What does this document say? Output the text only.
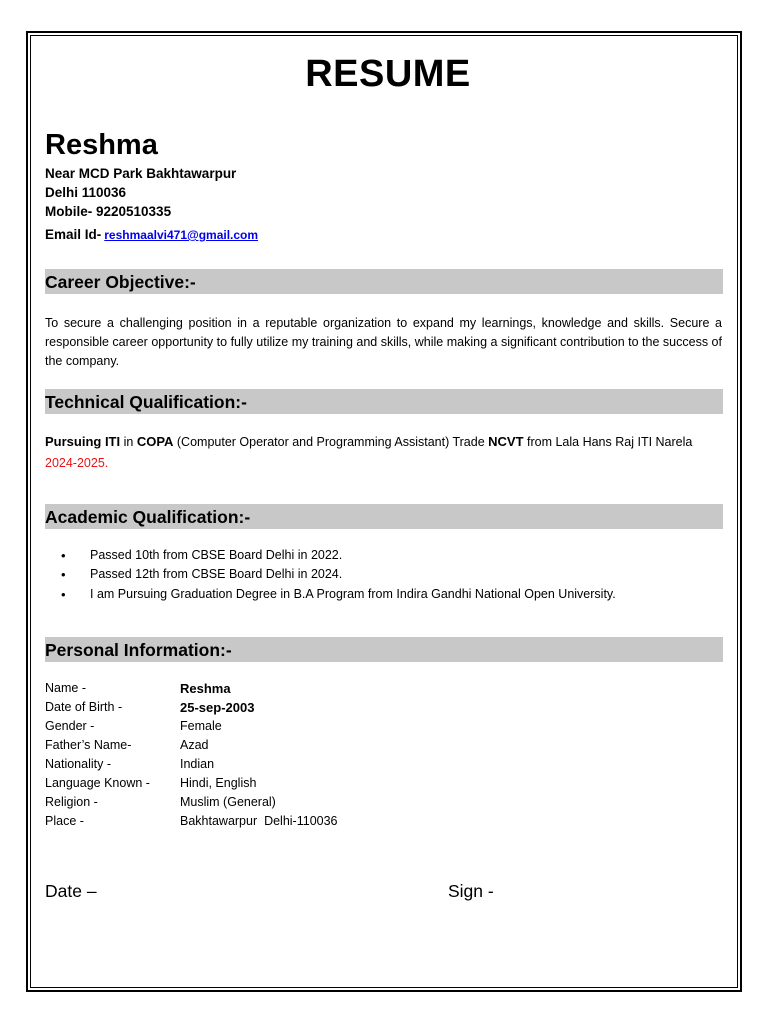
RESUME
Reshma
Near MCD Park Bakhtawarpur
Delhi 110036
Mobile- 9220510335
Email Id- reshmaalvi471@gmail.com
Career Objective:-
To secure a challenging position in a reputable organization to expand my learnings, knowledge and skills. Secure a responsible career opportunity to fully utilize my training and skills, while making a significant contribution to the success of the company.
Technical Qualification:-
Pursuing ITI in COPA (Computer Operator and Programming Assistant) Trade NCVT from Lala Hans Raj ITI Narela 2024-2025.
Academic Qualification:-
• Passed 10th from CBSE Board Delhi in 2022.
• Passed 12th from CBSE Board Delhi in 2024.
• I am Pursuing Graduation Degree in B.A Program from Indira Gandhi National Open University.
Personal Information:-
Name -	Reshma
Date of Birth -	25-sep-2003
Gender -	Female
Father’s Name-	Azad
Nationality -	Indian
Language Known - Hindi, English
Religion -	Muslim (General)
Place -	Bakhtawarpur  Delhi-110036
Date –	Sign -
